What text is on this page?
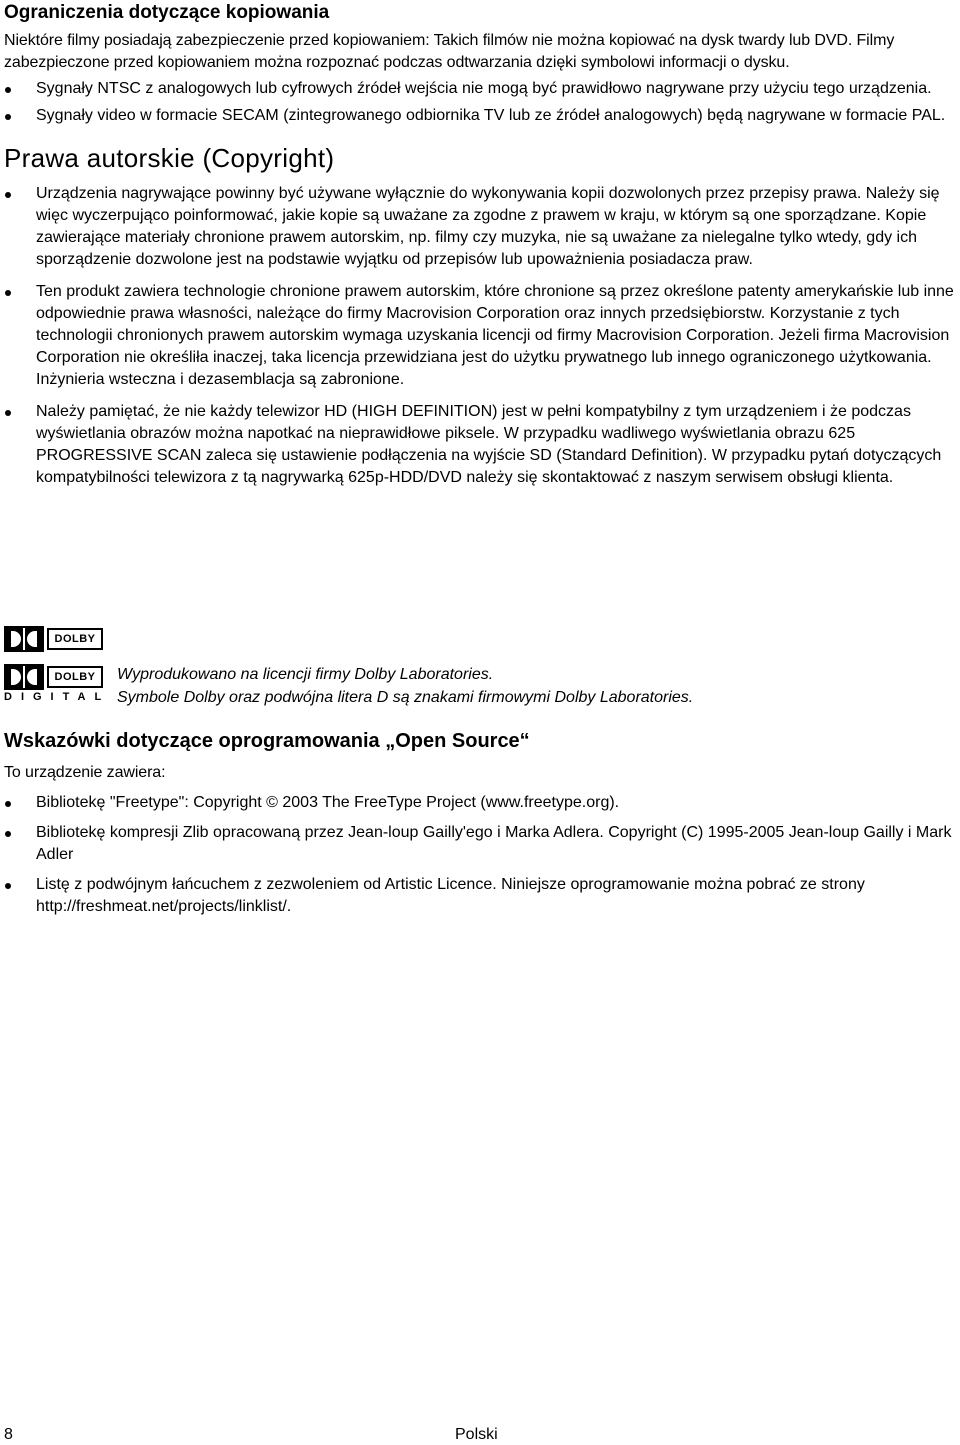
Ograniczenia dotyczące kopiowania

Niektóre filmy posiadają zabezpieczenie przed kopiowaniem: Takich filmów nie można kopiować na dysk twardy lub DVD. Filmy zabezpieczone przed kopiowaniem można rozpoznać podczas odtwarzania dzięki symbolowi informacji o dysku.

Sygnały NTSC z analogowych lub cyfrowych źródeł wejścia nie mogą być prawidłowo nagrywane przy użyciu tego urządzenia.
Sygnały video w formacie SECAM (zintegrowanego odbiornika TV lub ze źródeł analogowych) będą nagrywane w formacie PAL.
Prawa autorskie (Copyright)
Urządzenia nagrywające powinny być używane wyłącznie do wykonywania kopii dozwolonych przez przepisy prawa. Należy się więc wyczerpująco poinformować, jakie kopie są uważane za zgodne z prawem w kraju, w którym są one sporządzane. Kopie zawierające materiały chronione prawem autorskim, np. filmy czy muzyka, nie są uważane za nielegalne tylko wtedy, gdy ich sporządzenie dozwolone jest na podstawie wyjątku od przepisów lub upoważnienia posiadacza praw.
Ten produkt zawiera technologie chronione prawem autorskim, które chronione są przez określone patenty amerykańskie lub inne odpowiednie prawa własności, należące do firmy Macrovision Corporation oraz innych przedsiębiorstw. Korzystanie z tych technologii chronionych prawem autorskim wymaga uzyskania licencji od firmy Macrovision Corporation. Jeżeli firma Macrovision Corporation nie określiła inaczej, taka licencja przewidziana jest do użytku prywatnego lub innego ograniczonego użytkowania. Inżynieria wsteczna i dezasemblacja są zabronione.
Należy pamiętać, że nie każdy telewizor HD (HIGH DEFINITION) jest w pełni kompatybilny z tym urządzeniem i że podczas wyświetlania obrazów można napotkać na nieprawidłowe piksele. W przypadku wadliwego wyświetlania obrazu 625 PROGRESSIVE SCAN zaleca się ustawienie podłączenia na wyjście SD (Standard Definition). W przypadku pytań dotyczących kompatybilności telewizora z tą nagrywarką 625p-HDD/DVD należy się skontaktować z naszym serwisem obsługi klienta.
DOLBY
DOLBY
DIGITAL
Wyprodukowano na licencji firmy Dolby Laboratories.
Symbole Dolby oraz podwójna litera D są znakami firmowymi Dolby Laboratories.
Wskazówki dotyczące oprogramowania „Open Source“

To urządzenie zawiera:

Bibliotekę "Freetype": Copyright © 2003 The FreeType Project (www.freetype.org).
Bibliotekę kompresji Zlib opracowaną przez Jean-loup Gailly'ego i Marka Adlera. Copyright (C) 1995-2005 Jean-loup Gailly i Mark Adler
Listę z podwójnym łańcuchem z zezwoleniem od Artistic Licence. Niniejsze oprogramowanie można pobrać ze strony http://freshmeat.net/projects/linklist/.
8	Polski
